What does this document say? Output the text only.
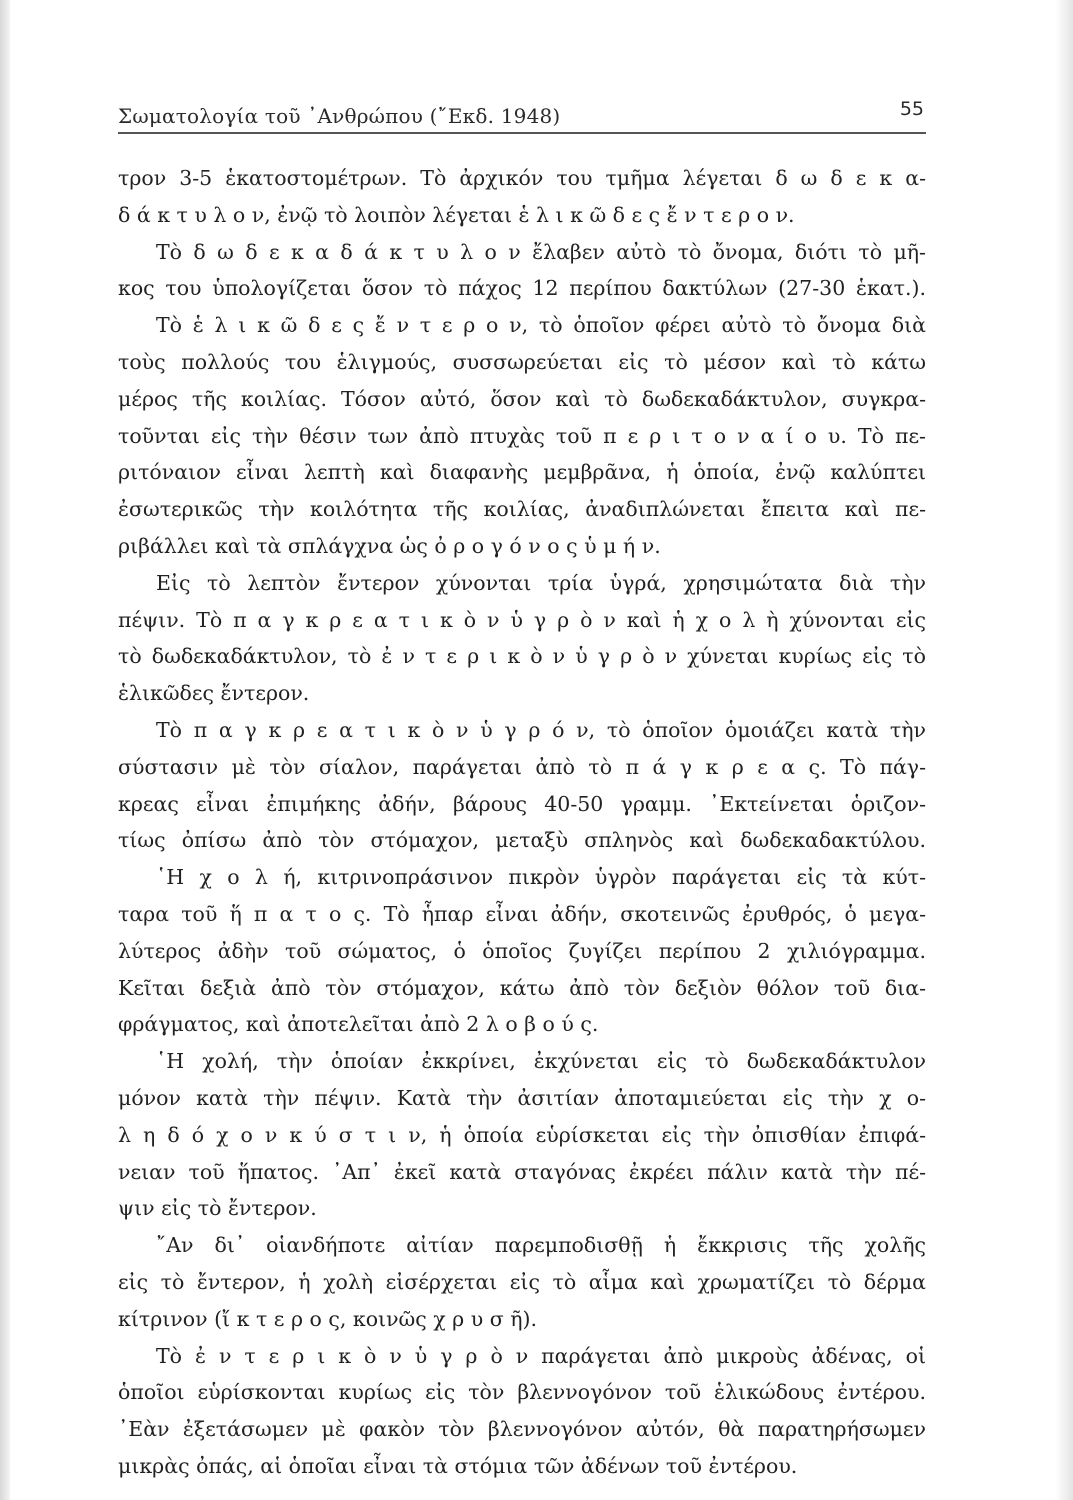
Σωματολογία τοῦ ᾿Ανθρώπου (῎Εκδ. 1948)	55
τρον 3-5 ἑκατοστομέτρων. Τὸ ἀρχικόν του τμῆμα λέγεται δ ω δ ε κ α-
δ ά κ τ υ λ ο ν, ἐνῷ τὸ λοιπὸν λέγεται ἑ λ ι κ ῶ δ ε ς ἔ ν τ ε ρ ο ν.
Τὸ δ ω δ ε κ α δ ά κ τ υ λ ο ν ἔλαβεν αὐτὸ τὸ ὄνομα, διότι τὸ μῆ-
κος του ὑπολογίζεται ὅσον τὸ πάχος 12 περίπου δακτύλων (27-30 ἑκατ.).
Τὸ ἑ λ ι κ ῶ δ ε ς ἔ ν τ ε ρ ο ν, τὸ ὁποῖον φέρει αὐτὸ τὸ ὄνομα διὰ
τοὺς πολλούς του ἑλιγμούς, συσσωρεύεται εἰς τὸ μέσον καὶ τὸ κάτω
μέρος τῆς κοιλίας. Τόσον αὐτό, ὅσον καὶ τὸ δωδεκαδάκτυλον, συγκρα-
τοῦνται εἰς τὴν θέσιν των ἀπὸ πτυχὰς τοῦ π ε ρ ι τ ο ν α ί ο υ. Τὸ πε-
ριτόναιον εἶναι λεπτὴ καὶ διαφανὴς μεμβρᾶνα, ἡ ὁποία, ἐνῷ καλύπτει
ἐσωτερικῶς τὴν κοιλότητα τῆς κοιλίας, ἀναδιπλώνεται ἔπειτα καὶ πε-
ριβάλλει καὶ τὰ σπλάγχνα ὡς ὀ ρ ο γ ό ν ο ς ὑ μ ή ν.
Εἰς τὸ λεπτὸν ἔντερον χύνονται τρία ὑγρά, χρησιμώτατα διὰ τὴν
πέψιν. Τὸ π α γ κ ρ ε α τ ι κ ὸ ν ὑ γ ρ ὸ ν καὶ ἡ χ ο λ ὴ χύνονται εἰς
τὸ δωδεκαδάκτυλον, τὸ ἐ ν τ ε ρ ι κ ὸ ν ὑ γ ρ ὸ ν χύνεται κυρίως εἰς τὸ
ἑλικῶδες ἔντερον.
Τὸ π α γ κ ρ ε α τ ι κ ὸ ν ὑ γ ρ ό ν, τὸ ὁποῖον ὁμοιάζει κατὰ τὴν
σύστασιν μὲ τὸν σίαλον, παράγεται ἀπὸ τὸ π ά γ κ ρ ε α ς. Τὸ πάγ-
κρεας εἶναι ἐπιμήκης ἀδήν, βάρους 40-50 γραμμ. ᾿Εκτείνεται ὁριζον-
τίως ὀπίσω ἀπὸ τὸν στόμαχον, μεταξὺ σπληνὸς καὶ δωδεκαδακτύλου.
῾Η χ ο λ ή, κιτρινοπράσινον πικρὸν ὑγρὸν παράγεται εἰς τὰ κύτ-
ταρα τοῦ ἥ π α τ ο ς. Τὸ ἧπαρ εἶναι ἀδήν, σκοτεινῶς ἐρυθρός, ὁ μεγα-
λύτερος ἀδὴν τοῦ σώματος, ὁ ὁποῖος ζυγίζει περίπου 2 χιλιόγραμμα.
Κεῖται δεξιὰ ἀπὸ τὸν στόμαχον, κάτω ἀπὸ τὸν δεξιὸν θόλον τοῦ δια-
φράγματος, καὶ ἀποτελεῖται ἀπὸ 2 λ ο β ο ύ ς.
῾Η χολή, τὴν ὁποίαν ἐκκρίνει, ἐκχύνεται εἰς τὸ δωδεκαδάκτυλον
μόνον κατὰ τὴν πέψιν. Κατὰ τὴν ἀσιτίαν ἀποταμιεύεται εἰς τὴν χ ο-
λ η δ ό χ ο ν κ ύ σ τ ι ν, ἡ ὁποία εὑρίσκεται εἰς τὴν ὀπισθίαν ἐπιφά-
νειαν τοῦ ἥπατος. ᾿Απ᾿ ἐκεῖ κατὰ σταγόνας ἐκρέει πάλιν κατὰ τὴν πέ-
ψιν εἰς τὸ ἔντερον.
῎Αν δι᾿ οἱανδήποτε αἰτίαν παρεμποδισθῇ ἡ ἔκκρισις τῆς χολῆς
εἰς τὸ ἔντερον, ἡ χολὴ εἰσέρχεται εἰς τὸ αἷμα καὶ χρωματίζει τὸ δέρμα
κίτρινον (ἴ κ τ ε ρ ο ς, κοινῶς χ ρ υ σ ῆ).
Τὸ ἐ ν τ ε ρ ι κ ὸ ν ὑ γ ρ ὸ ν παράγεται ἀπὸ μικροὺς ἀδένας, οἱ
ὁποῖοι εὑρίσκονται κυρίως εἰς τὸν βλεννογόνον τοῦ ἑλικώδους ἐντέρου.
᾿Εὰν ἐξετάσωμεν μὲ φακὸν τὸν βλεννογόνον αὐτόν, θὰ παρατηρήσωμεν
μικρὰς ὀπάς, αἱ ὁποῖαι εἶναι τὰ στόμια τῶν ἀδένων τοῦ ἐντέρου.
